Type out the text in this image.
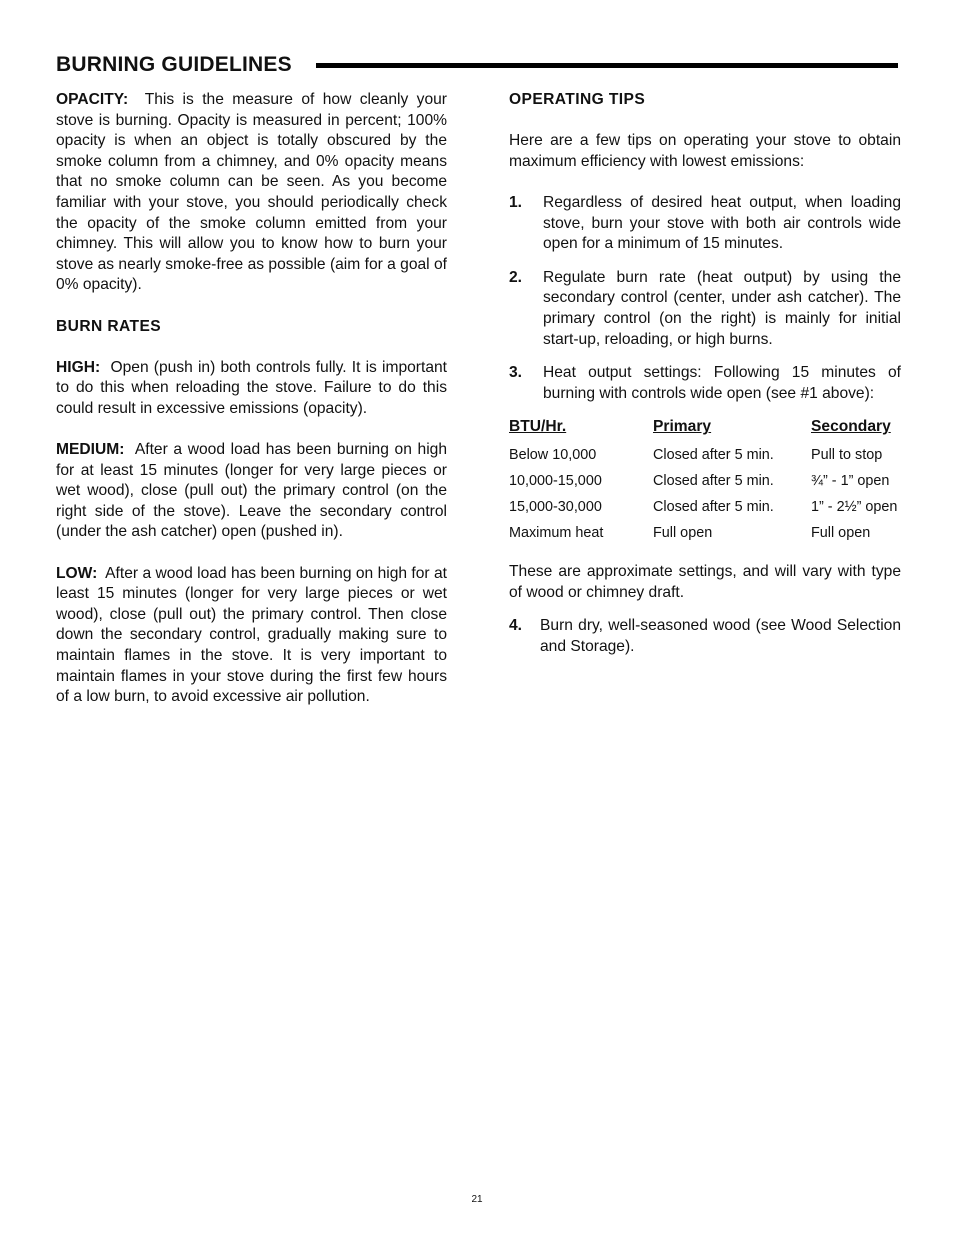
BURNING GUIDELINES

OPACITY: This is the measure of how cleanly your stove is burning. Opacity is measured in percent; 100% opacity is when an object is totally obscured by the smoke column from a chimney, and 0% opacity means that no smoke column can be seen. As you become familiar with your stove, you should periodically check the opacity of the smoke column emitted from your chimney. This will allow you to know how to burn your stove as nearly smoke-free as possible (aim for a goal of 0% opacity).

BURN RATES

HIGH: Open (push in) both controls fully. It is important to do this when reloading the stove. Failure to do this could result in excessive emissions (opacity).

MEDIUM: After a wood load has been burning on high for at least 15 minutes (longer for very large pieces or wet wood), close (pull out) the primary control (on the right side of the stove). Leave the secondary control (under the ash catcher) open (pushed in).

LOW: After a wood load has been burning on high for at least 15 minutes (longer for very large pieces or wet wood), close (pull out) the primary control. Then close down the secondary control, gradually making sure to maintain flames in the stove. It is very important to maintain flames in your stove during the first few hours of a low burn, to avoid excessive air pollution.

OPERATING TIPS

Here are a few tips on operating your stove to obtain maximum efficiency with lowest emissions:

1. Regardless of desired heat output, when loading stove, burn your stove with both air controls wide open for a minimum of 15 minutes.
2. Regulate burn rate (heat output) by using the secondary control (center, under ash catcher). The primary control (on the right) is mainly for initial start-up, reloading, or high burns.
3. Heat output settings: Following 15 minutes of burning with controls wide open (see #1 above):
BTU/Hr.	Primary	Secondary
Below 10,000	Closed after 5 min.	Pull to stop
10,000-15,000	Closed after 5 min.	¾” - 1” open
15,000-30,000	Closed after 5 min.	1” - 2½” open
Maximum heat	Full open	Full open

These are approximate settings, and will vary with type of wood or chimney draft.

4. Burn dry, well-seasoned wood (see Wood Selection and Storage).
21
